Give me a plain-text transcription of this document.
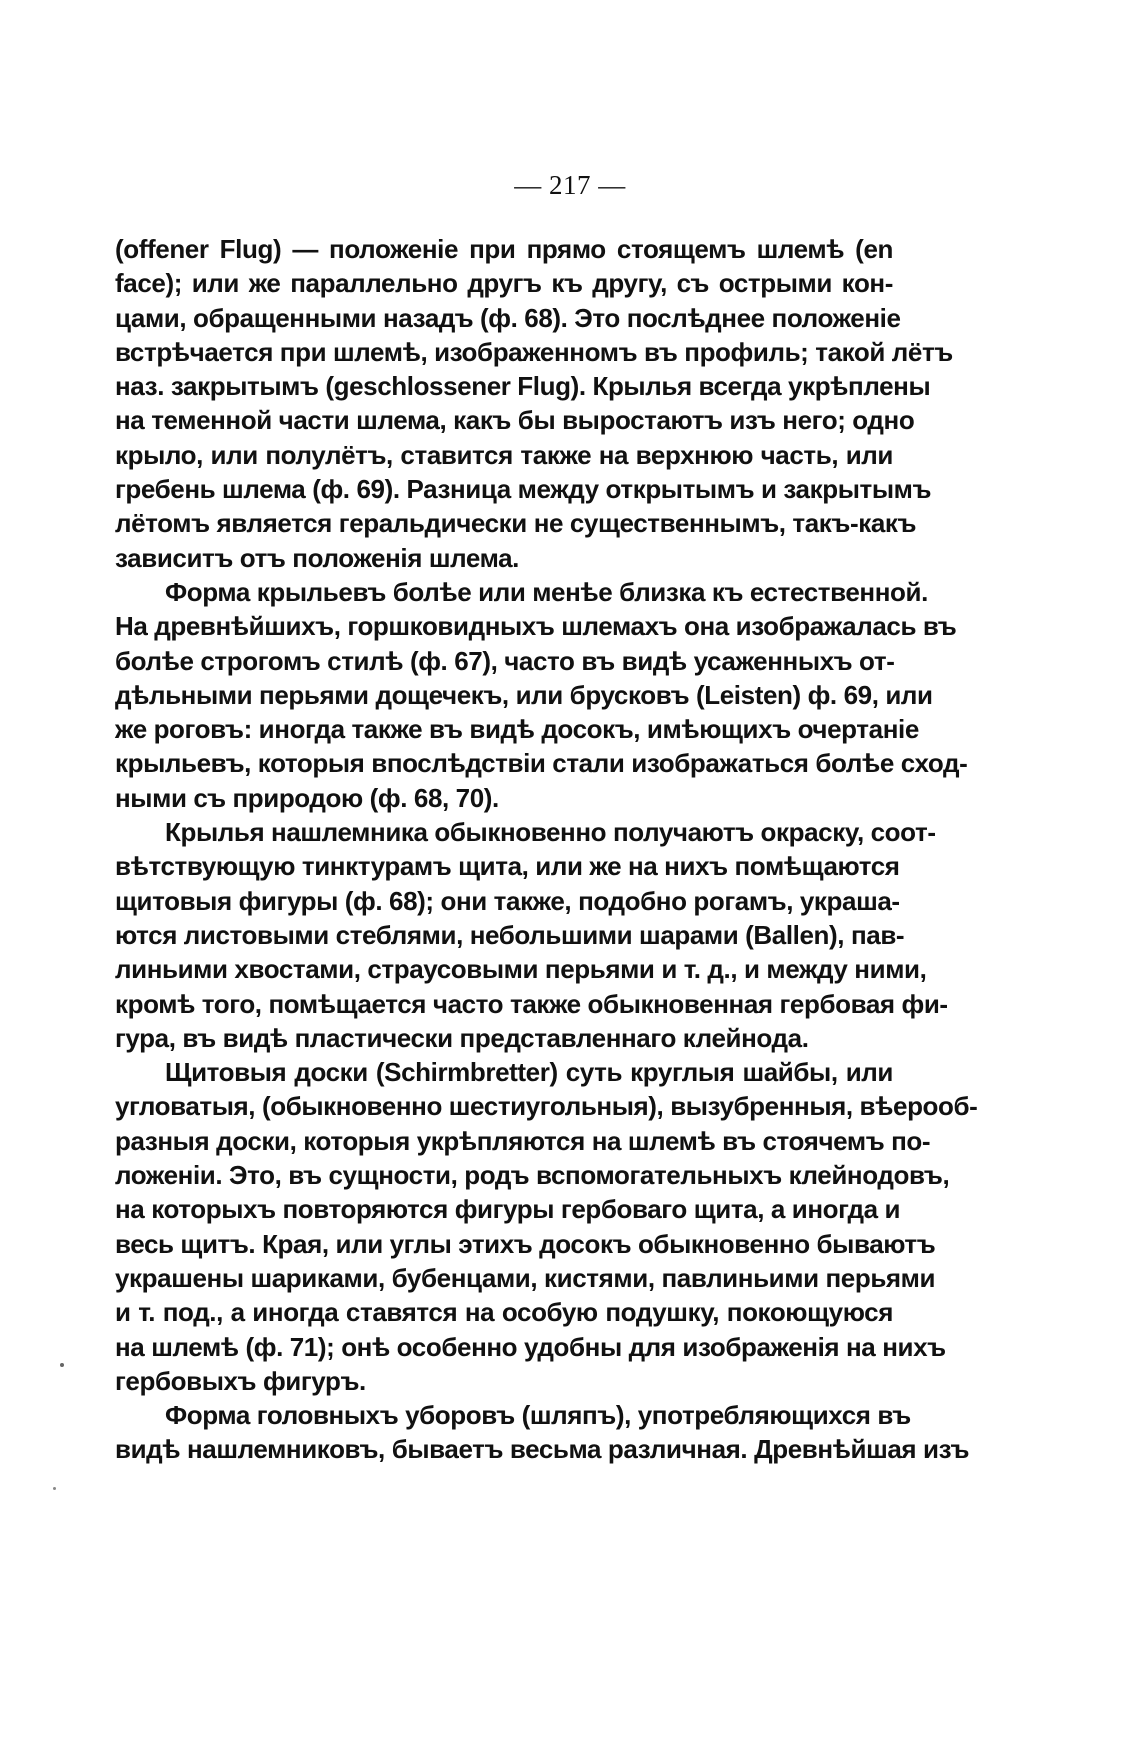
— 217 —
(offener Flug) — положеніе при прямо стоящемъ шлемѣ (en
face); или же параллельно другъ къ другу, съ острыми кон-
цами, обращенными назадъ (ф. 68). Это послѣднее положеніе
встрѣчается при шлемѣ, изображенномъ въ профиль; такой лётъ
наз. закрытымъ (geschlossener Flug). Крылья всегда укрѣплены
на теменной части шлема, какъ бы выростаютъ изъ него; одно
крыло, или полулётъ, ставится также на верхнюю часть, или
гребень шлема (ф. 69). Разница между открытымъ и закрытымъ
лётомъ является геральдически не существеннымъ, такъ-какъ
зависитъ отъ положенія шлема.
Форма крыльевъ болѣе или менѣе близка къ естественной.
На древнѣйшихъ, горшковидныхъ шлемахъ она изображалась въ
болѣе строгомъ стилѣ (ф. 67), часто въ видѣ усаженныхъ от-
дѣльными перьями дощечекъ, или брусковъ (Leisten) ф. 69, или
же роговъ: иногда также въ видѣ досокъ, имѣющихъ очертаніе
крыльевъ, которыя впослѣдствіи стали изображаться болѣе сход-
ными съ природою (ф. 68, 70).
Крылья нашлемника обыкновенно получаютъ окраску, соот-
вѣтствующую тинктурамъ щита, или же на нихъ помѣщаются
щитовыя фигуры (ф. 68); они также, подобно рогамъ, украша-
ются листовыми стеблями, небольшими шарами (Ballen), пав-
линьими хвостами, страусовыми перьями и т. д., и между ними,
кромѣ того, помѣщается часто также обыкновенная гербовая фи-
гура, въ видѣ пластически представленнаго клейнода.
Щитовыя доски (Schirmbretter) суть круглыя шайбы, или
угловатыя, (обыкновенно шестиугольныя), вызубренныя, вѣерооб-
разныя доски, которыя укрѣпляются на шлемѣ въ стоячемъ по-
ложеніи. Это, въ сущности, родъ вспомогательныхъ клейнодовъ,
на которыхъ повторяются фигуры гербоваго щита, а иногда и
весь щитъ. Края, или углы этихъ досокъ обыкновенно бываютъ
украшены шариками, бубенцами, кистями, павлиньими перьями
и т. под., а иногда ставятся на особую подушку, покоющуюся
на шлемѣ (ф. 71); онѣ особенно удобны для изображенія на нихъ
гербовыхъ фигуръ.
Форма головныхъ уборовъ (шляпъ), употребляющихся въ
видѣ нашлемниковъ, бываетъ весьма различная. Древнѣйшая изъ
